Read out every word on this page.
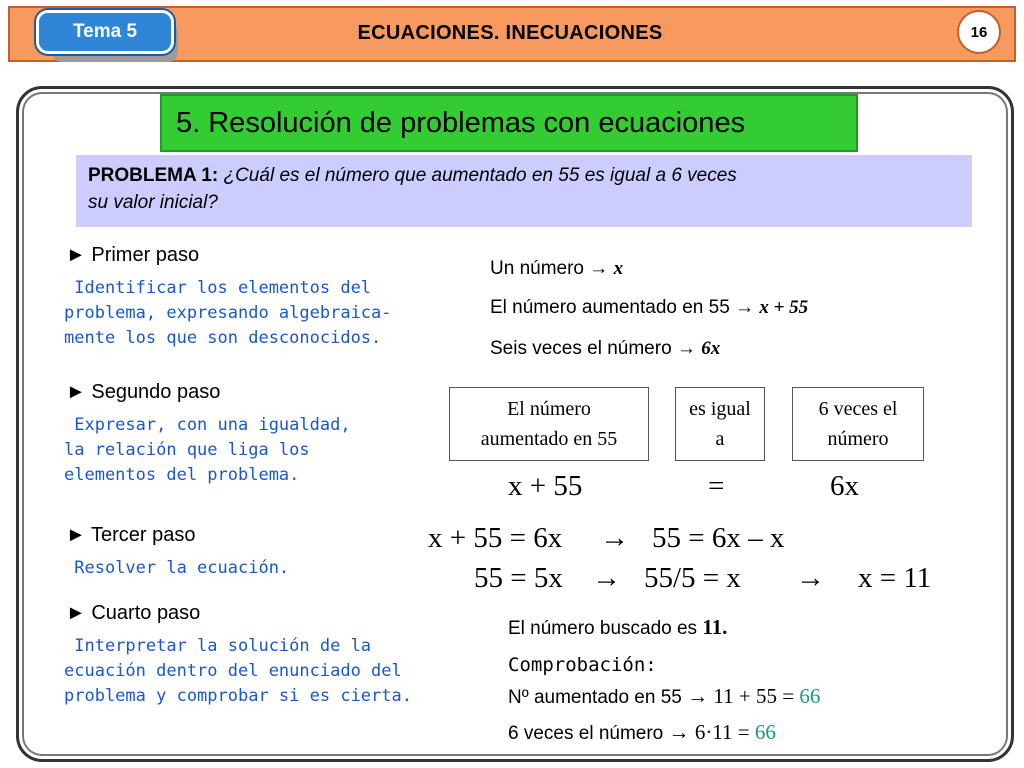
Tema 5	ECUACIONES. INECUACIONES	16
5. Resolución de problemas con ecuaciones
PROBLEMA 1: ¿Cuál es el número que aumentado en 55 es igual a 6 veces
su valor inicial?
► Primer paso
Identificar los elementos del
problema, expresando algebraica-
mente los que son desconocidos.
► Segundo paso
Expresar, con una igualdad,
la relación que liga los
elementos del problema.
► Tercer paso
Resolver la ecuación.
► Cuarto paso
Interpretar la solución de la
ecuación dentro del enunciado del
problema y comprobar si es cierta.
Un número → x
El número aumentado en 55 → x + 55
Seis veces el número → 6x
El número
aumentado en 55
es igual
a
6 veces el
número
x + 55	=	6x
x + 55 = 6x → 55 = 6x – x
55 = 5x → 55/5 = x → x = 11
El número buscado es 11.
Comprobación:
Nº aumentado en 55 → 11 + 55 = 66
6 veces el número → 6·11 = 66
